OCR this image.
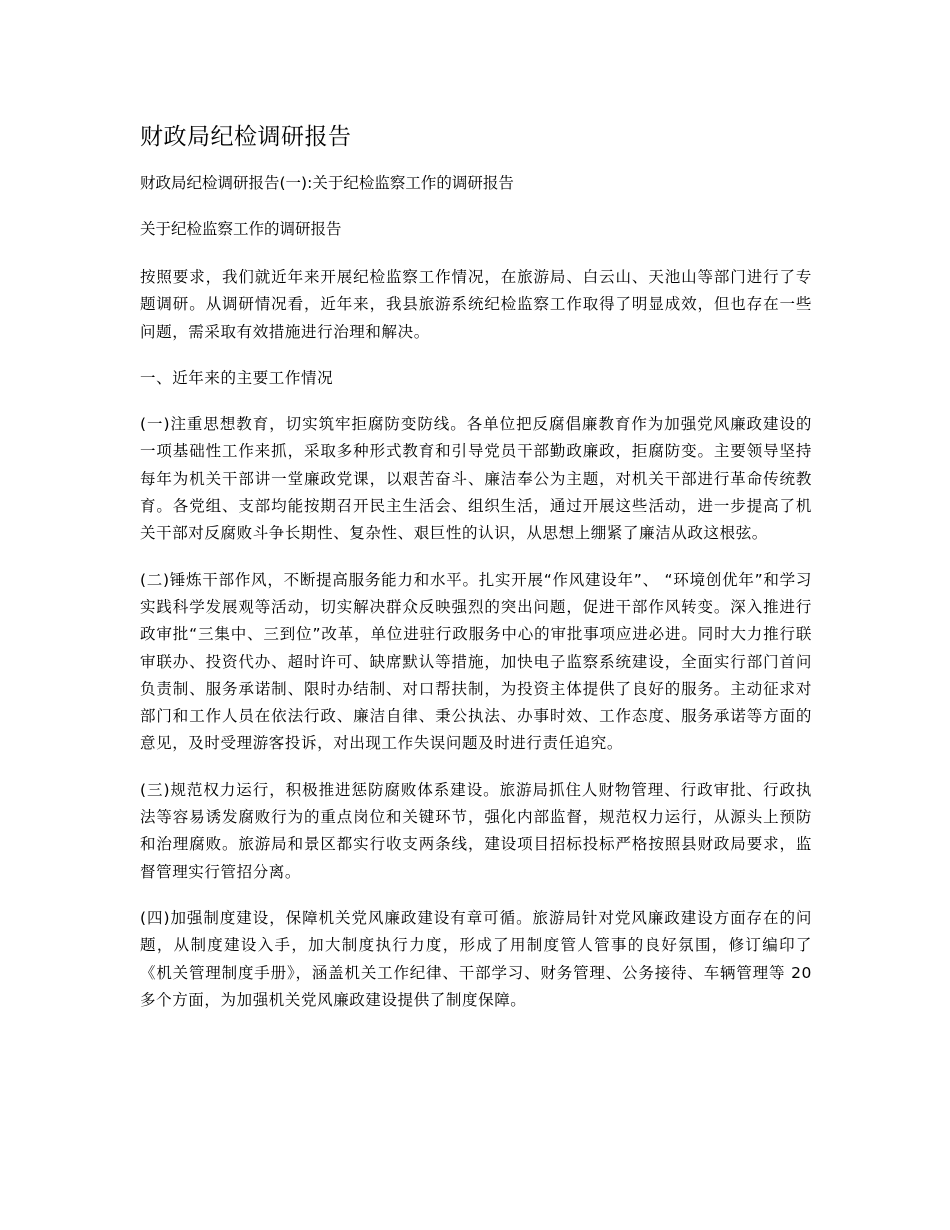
财政局纪检调研报告

财政局纪检调研报告(一):关于纪检监察工作的调研报告

关于纪检监察工作的调研报告

按照要求，我们就近年来开展纪检监察工作情况，在旅游局、白云山、天池山等部门进行了专题调研。从调研情况看，近年来，我县旅游系统纪检监察工作取得了明显成效，但也存在一些问题，需采取有效措施进行治理和解决。

一、近年来的主要工作情况

(一)注重思想教育，切实筑牢拒腐防变防线。各单位把反腐倡廉教育作为加强党风廉政建设的一项基础性工作来抓，采取多种形式教育和引导党员干部勤政廉政，拒腐防变。主要领导坚持每年为机关干部讲一堂廉政党课，以艰苦奋斗、廉洁奉公为主题，对机关干部进行革命传统教育。各党组、支部均能按期召开民主生活会、组织生活，通过开展这些活动，进一步提高了机关干部对反腐败斗争长期性、复杂性、艰巨性的认识，从思想上绷紧了廉洁从政这根弦。

(二)锤炼干部作风，不断提高服务能力和水平。扎实开展“作风建设年”、 “环境创优年”和学习实践科学发展观等活动，切实解决群众反映强烈的突出问题，促进干部作风转变。深入推进行政审批“三集中、三到位”改革，单位进驻行政服务中心的审批事项应进必进。同时大力推行联审联办、投资代办、超时许可、缺席默认等措施，加快电子监察系统建设，全面实行部门首问负责制、服务承诺制、限时办结制、对口帮扶制，为投资主体提供了良好的服务。主动征求对部门和工作人员在依法行政、廉洁自律、秉公执法、办事时效、工作态度、服务承诺等方面的意见，及时受理游客投诉，对出现工作失误问题及时进行责任追究。

(三)规范权力运行，积极推进惩防腐败体系建设。旅游局抓住人财物管理、行政审批、行政执法等容易诱发腐败行为的重点岗位和关键环节，强化内部监督，规范权力运行，从源头上预防和治理腐败。旅游局和景区都实行收支两条线，建设项目招标投标严格按照县财政局要求，监督管理实行管招分离。

(四)加强制度建设，保障机关党风廉政建设有章可循。旅游局针对党风廉政建设方面存在的问题，从制度建设入手，加大制度执行力度，形成了用制度管人管事的良好氛围，修订编印了《机关管理制度手册》，涵盖机关工作纪律、干部学习、财务管理、公务接待、车辆管理等 20 多个方面，为加强机关党风廉政建设提供了制度保障。
